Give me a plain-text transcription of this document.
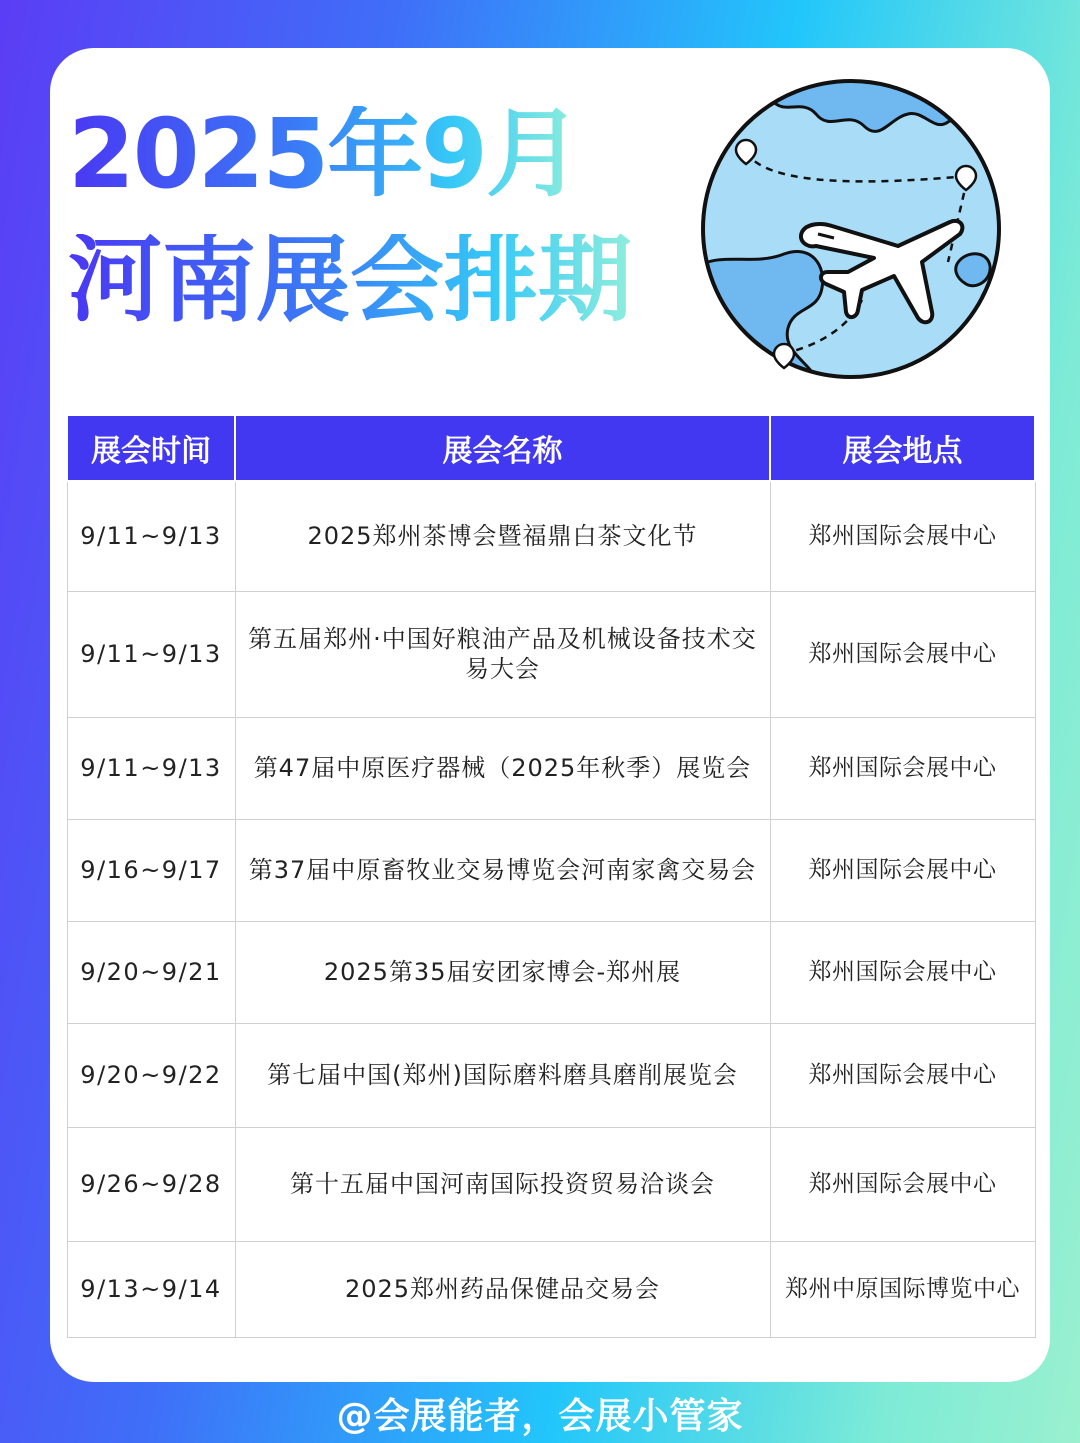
2025年9月
河南展会排期
展会时间	展会名称	展会地点
9/11~9/13	2025郑州茶博会暨福鼎白茶文化节	郑州国际会展中心
9/11~9/13	第五届郑州·中国好粮油产品及机械设备技术交易大会	郑州国际会展中心
9/11~9/13	第47届中原医疗器械（2025年秋季）展览会	郑州国际会展中心
9/16~9/17	第37届中原畜牧业交易博览会河南家禽交易会	郑州国际会展中心
9/20~9/21	2025第35届安团家博会-郑州展	郑州国际会展中心
9/20~9/22	第七届中国(郑州)国际磨料磨具磨削展览会	郑州国际会展中心
9/26~9/28	第十五届中国河南国际投资贸易洽谈会	郑州国际会展中心
9/13~9/14	2025郑州药品保健品交易会	郑州中原国际博览中心
@会展能者，会展小管家
